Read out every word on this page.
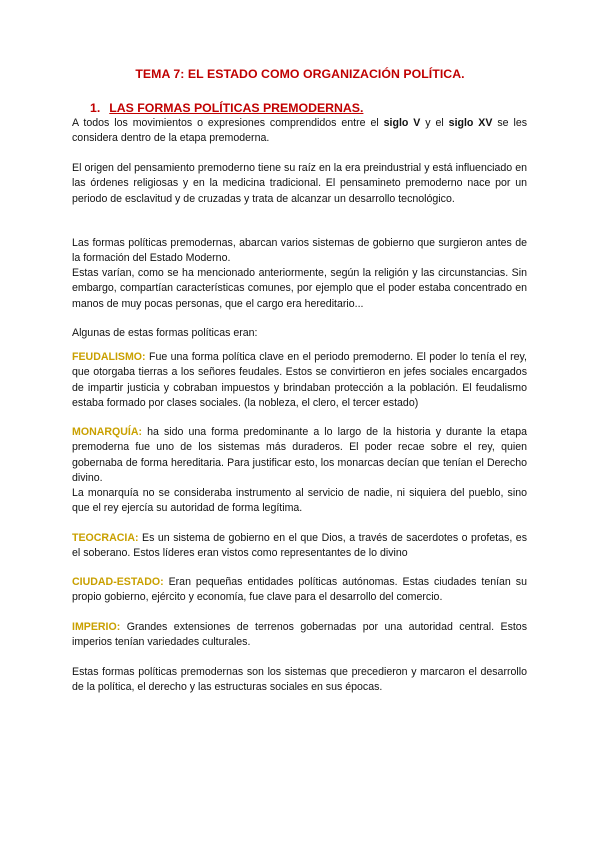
TEMA 7: EL ESTADO COMO ORGANIZACIÓN POLÍTICA.
1. LAS FORMAS POLÍTICAS PREMODERNAS.
A todos los movimientos o expresiones comprendidos entre el siglo V y el siglo XV se les considera dentro de la etapa premoderna.
El origen del pensamiento premoderno tiene su raíz en la era preindustrial y está influenciado en las órdenes religiosas y en la medicina tradicional. El pensamineto premoderno nace por un periodo de esclavitud y de cruzadas y trata de alcanzar un desarrollo tecnológico.
Las formas políticas premodernas, abarcan varios sistemas de gobierno que surgieron antes de la formación del Estado Moderno.
Estas varían, como se ha mencionado anteriormente, según la religión y las circunstancias. Sin embargo, compartían características comunes, por ejemplo que el poder estaba concentrado en manos de muy pocas personas, que el cargo era hereditario...
Algunas de estas formas políticas eran:
FEUDALISMO: Fue una forma política clave en el periodo premoderno. El poder lo tenía el rey, que otorgaba tierras a los señores feudales. Estos se convirtieron en jefes sociales encargados de impartir justicia y cobraban impuestos y brindaban protección a la población. El feudalismo estaba formado por clases sociales. (la nobleza, el clero, el tercer estado)
MONARQUÍA: ha sido una forma predominante a lo largo de la historia y durante la etapa premoderna fue uno de los sistemas más duraderos. El poder recae sobre el rey, quien gobernaba de forma hereditaria. Para justificar esto, los monarcas decían que tenían el Derecho divino.
La monarquía no se consideraba instrumento al servicio de nadie, ni siquiera del pueblo, sino que el rey ejercía su autoridad de forma legítima.
TEOCRACIA: Es un sistema de gobierno en el que Dios, a través de sacerdotes o profetas, es el soberano. Estos líderes eran vistos como representantes de lo divino
CIUDAD-ESTADO: Eran pequeñas entidades políticas autónomas. Estas ciudades tenían su propio gobierno, ejército y economía, fue clave para el desarrollo del comercio.
IMPERIO: Grandes extensiones de terrenos gobernadas por una autoridad central. Estos imperios tenían variedades culturales.
Estas formas políticas premodernas son los sistemas que precedieron y marcaron el desarrollo de la política, el derecho y las estructuras sociales en sus épocas.
